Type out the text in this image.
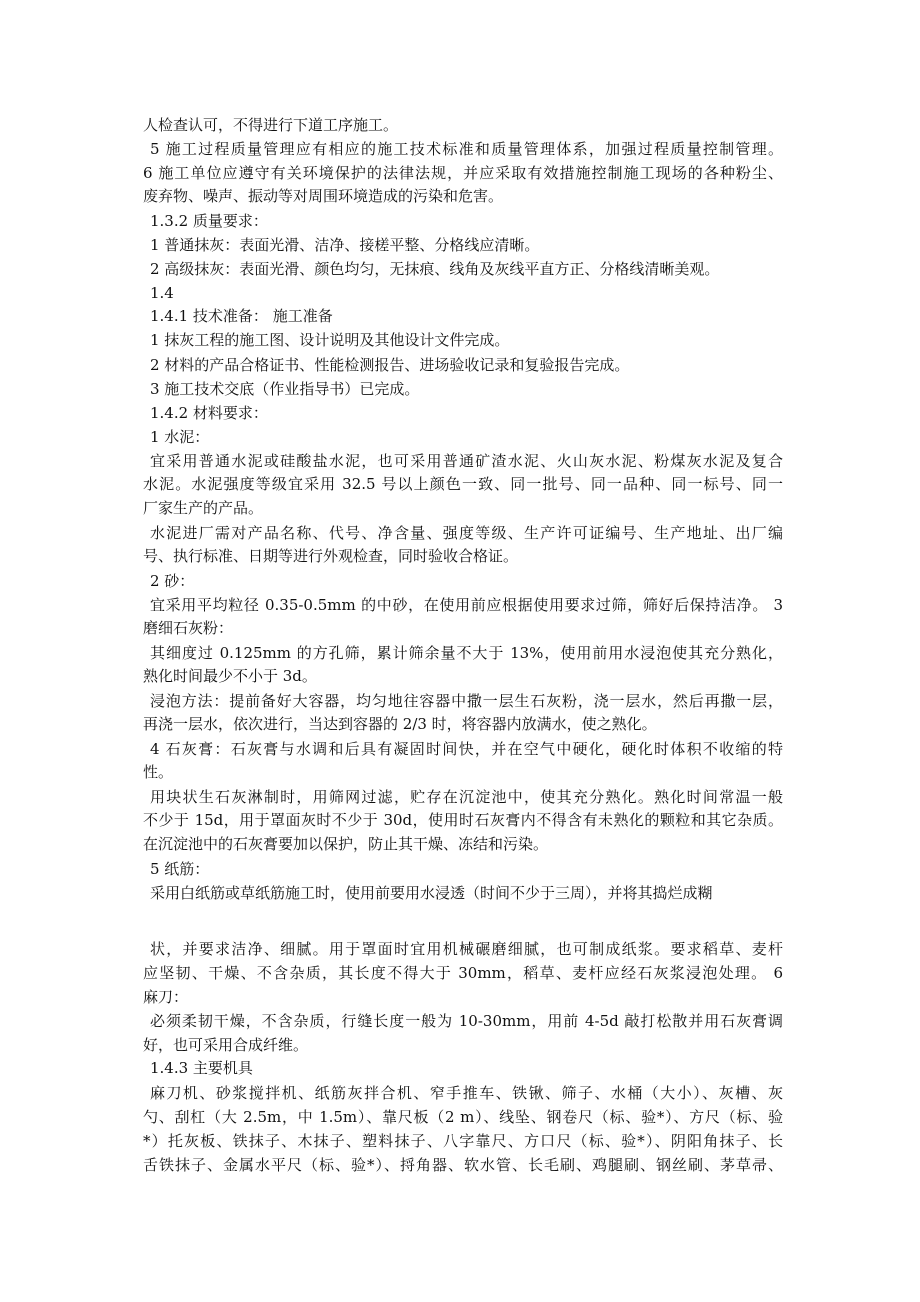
人检查认可，不得进行下道工序施工。
5 施工过程质量管理应有相应的施工技术标准和质量管理体系，加强过程质量控制管理。
6 施工单位应遵守有关环境保护的法律法规，并应采取有效措施控制施工现场的各种粉尘、
废弃物、噪声、振动等对周围环境造成的污染和危害。
1.3.2 质量要求：
1 普通抹灰：表面光滑、洁净、接槎平整、分格线应清晰。
2 高级抹灰：表面光滑、颜色均匀，无抹痕、线角及灰线平直方正、分格线清晰美观。
1.4
1.4.1 技术准备： 施工准备
1 抹灰工程的施工图、设计说明及其他设计文件完成。
2 材料的产品合格证书、性能检测报告、进场验收记录和复验报告完成。
3 施工技术交底（作业指导书）已完成。
1.4.2 材料要求：
1 水泥：
宜采用普通水泥或硅酸盐水泥，也可采用普通矿渣水泥、火山灰水泥、粉煤灰水泥及复合
水泥。水泥强度等级宜采用 32.5 号以上颜色一致、同一批号、同一品种、同一标号、同一
厂家生产的产品。
水泥进厂需对产品名称、代号、净含量、强度等级、生产许可证编号、生产地址、出厂编
号、执行标准、日期等进行外观检查，同时验收合格证。
2 砂：
宜采用平均粒径 0.35-0.5mm 的中砂，在使用前应根据使用要求过筛，筛好后保持洁净。 3
磨细石灰粉：
其细度过 0.125mm 的方孔筛，累计筛余量不大于 13%，使用前用水浸泡使其充分熟化，
熟化时间最少不小于 3d。
浸泡方法：提前备好大容器，均匀地往容器中撒一层生石灰粉，浇一层水，然后再撒一层，
再浇一层水，依次进行，当达到容器的 2/3 时，将容器内放满水，使之熟化。
4 石灰膏：石灰膏与水调和后具有凝固时间快，并在空气中硬化，硬化时体积不收缩的特
性。
用块状生石灰淋制时，用筛网过滤，贮存在沉淀池中，使其充分熟化。熟化时间常温一般
不少于 15d，用于罩面灰时不少于 30d，使用时石灰膏内不得含有未熟化的颗粒和其它杂质。
在沉淀池中的石灰膏要加以保护，防止其干燥、冻结和污染。
5 纸筋：
采用白纸筋或草纸筋施工时，使用前要用水浸透（时间不少于三周），并将其捣烂成糊
状，并要求洁净、细腻。用于罩面时宜用机械碾磨细腻，也可制成纸浆。要求稻草、麦杆
应坚韧、干燥、不含杂质，其长度不得大于 30mm，稻草、麦杆应经石灰浆浸泡处理。 6
麻刀：
必须柔韧干燥，不含杂质，行缝长度一般为 10-30mm，用前 4-5d 敲打松散并用石灰膏调
好，也可采用合成纤维。
1.4.3 主要机具
麻刀机、砂浆搅拌机、纸筋灰拌合机、窄手推车、铁锹、筛子、水桶（大小）、灰槽、灰
勺、刮杠（大 2.5m，中 1.5m）、靠尺板（2 m）、线坠、钢卷尺（标、验*）、方尺（标、验
*）托灰板、铁抹子、木抹子、塑料抹子、八字靠尺、方口尺（标、验*）、阴阳角抹子、长
舌铁抹子、金属水平尺（标、验*）、捋角器、软水管、长毛刷、鸡腿刷、钢丝刷、茅草帚、
